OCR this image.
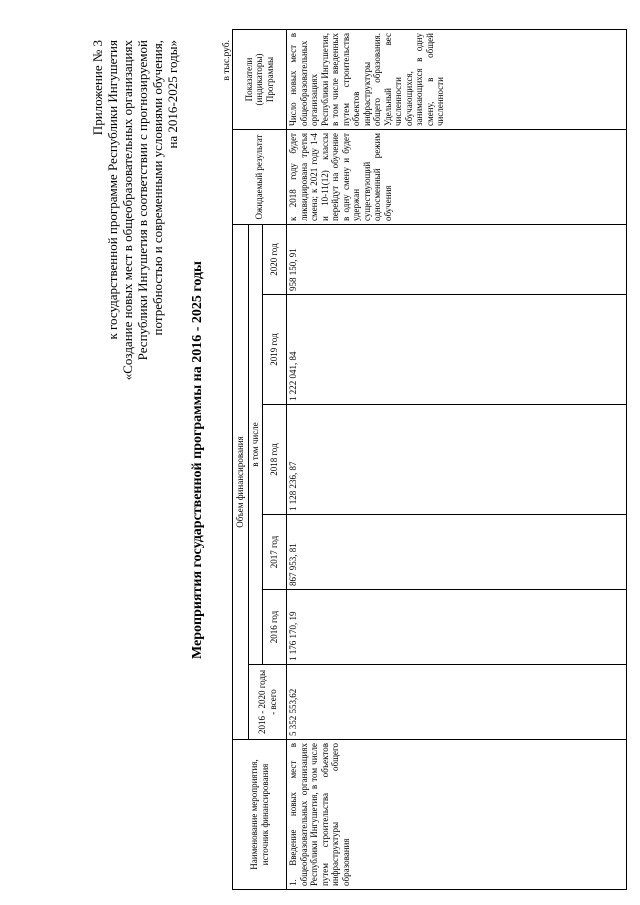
Приложение № 3 к государственной программе Республики Ингушетия «Создание новых мест в общеобразовательных организациях Республики Ингушетия в соответствии с прогнозируемой потребностью и современными условиями обучения, на 2016-2025 годы»
Мероприятия государственной программы на 2016 - 2025 годы
в тыс.руб.
Наименование мероприятия, источник финансирования	Объем финансирования						Ожидаемый результат	Показатели (индикаторы) Программы
	2016 - 2020 годы - всего	в том числе						
		2016 год	2017 год	2018 год	2019 год	2020 год		
1. Введение новых мест в общеобразовательных организациях Республики Ингушетия, в том числе путем строительства объектов инфраструктуры общего образования	5 352 553,62	1 176 170, 19	867 953, 81	1 128 236, 87	1 222 041, 84	958 150, 91	к 2018 году будет ликвидирована третья смена; к 2021 году 1-4 и 10-11(12) классы перейдут на обучение в одну смену и будет удержан существующий односменный режим обучения	Число новых мест в общеобразовательных организациях Республики Ингушетия, в том числе введенных путем строительства объектов инфраструктуры общего образования. Удельный вес численности обучающихся, занимающихся в одну смену, в общей численности
